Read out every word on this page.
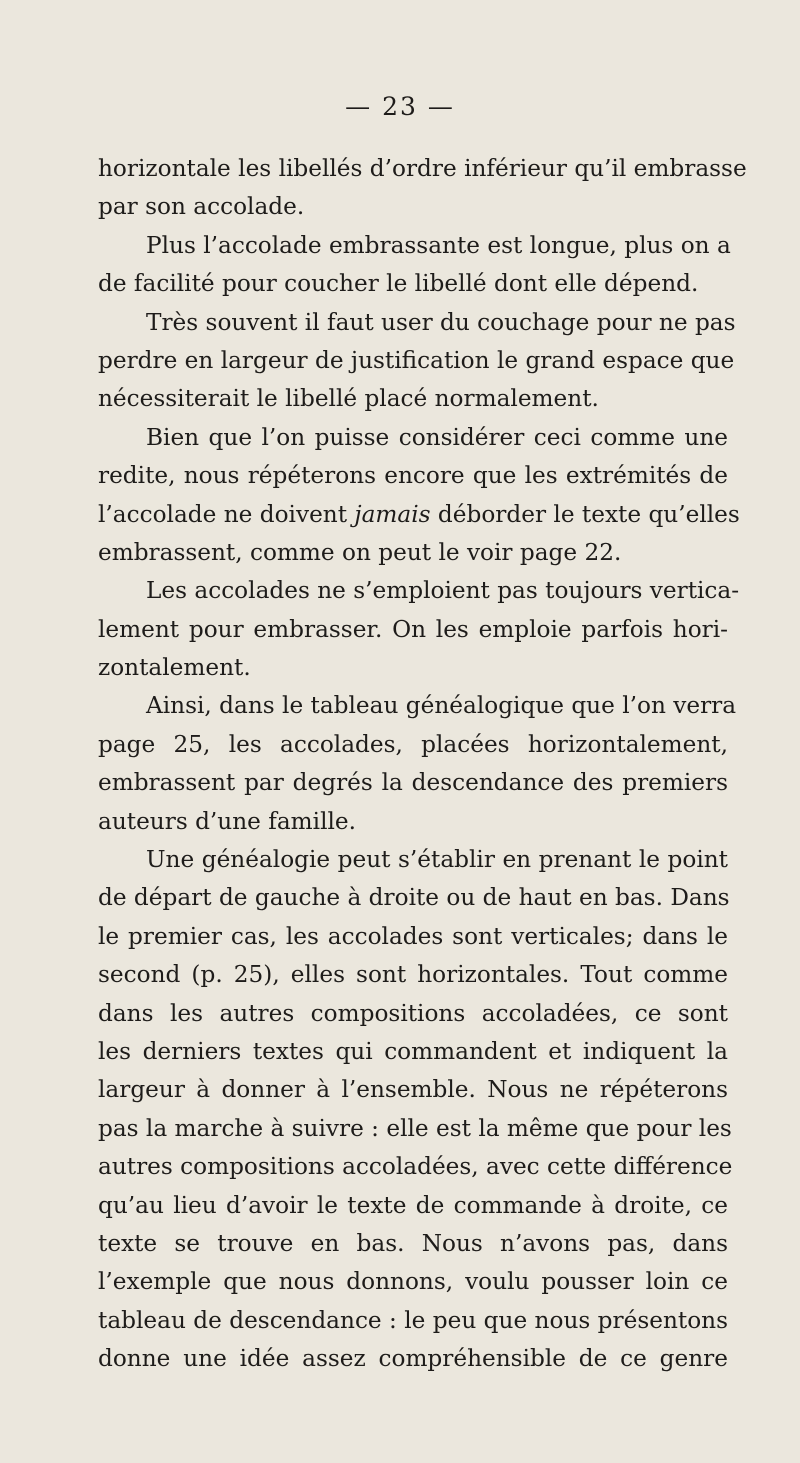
— 23 —
horizontale les libellés d’ordre inférieur qu’il embrasse
par son accolade.
Plus l’accolade embrassante est longue, plus on a
de facilité pour coucher le libellé dont elle dépend.
Très souvent il faut user du couchage pour ne pas
perdre en largeur de justification le grand espace que
nécessiterait le libellé placé normalement.
Bien que l’on puisse considérer ceci comme une
redite, nous répéterons encore que les extrémités de
l’accolade ne doivent jamais déborder le texte qu’elles
embrassent, comme on peut le voir page 22.
Les accolades ne s’emploient pas toujours vertica-
lement pour embrasser. On les emploie parfois hori-
zontalement.
Ainsi, dans le tableau généalogique que l’on verra
page 25, les accolades, placées horizontalement,
embrassent par degrés la descendance des premiers
auteurs d’une famille.
Une généalogie peut s’établir en prenant le point
de départ de gauche à droite ou de haut en bas. Dans
le premier cas, les accolades sont verticales; dans le
second (p. 25), elles sont horizontales. Tout comme
dans les autres compositions accoladées, ce sont
les derniers textes qui commandent et indiquent la
largeur à donner à l’ensemble. Nous ne répéterons
pas la marche à suivre : elle est la même que pour les
autres compositions accoladées, avec cette différence
qu’au lieu d’avoir le texte de commande à droite, ce
texte se trouve en bas. Nous n’avons pas, dans
l’exemple que nous donnons, voulu pousser loin ce
tableau de descendance : le peu que nous présentons
donne une idée assez compréhensible de ce genre
